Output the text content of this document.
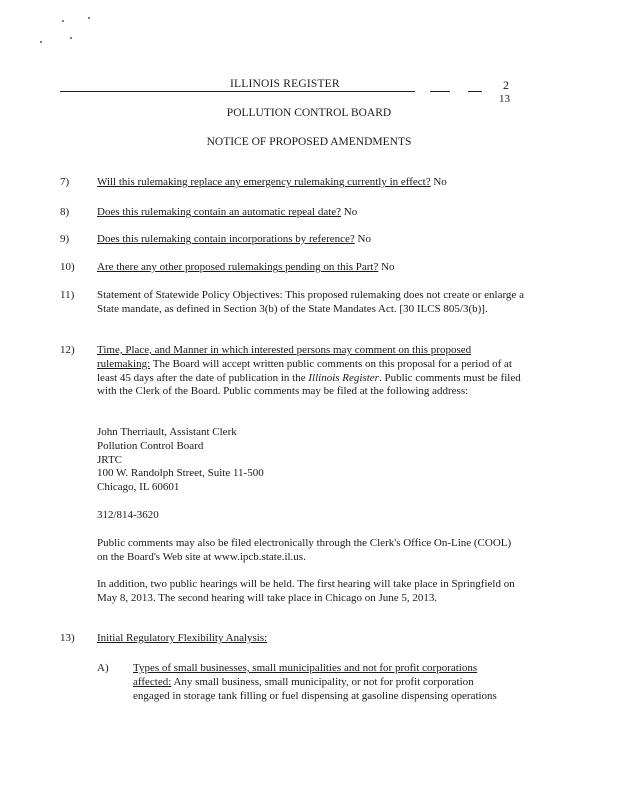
ILLINOIS REGISTER	2
13
POLLUTION CONTROL BOARD
NOTICE OF PROPOSED AMENDMENTS
7)	Will this rulemaking replace any emergency rulemaking currently in effect? No
8)	Does this rulemaking contain an automatic repeal date? No
9)	Does this rulemaking contain incorporations by reference? No
10) Are there any other proposed rulemakings pending on this Part? No
11) Statement of Statewide Policy Objectives: This proposed rulemaking does not create or enlarge a State mandate, as defined in Section 3(b) of the State Mandates Act. [30 ILCS 805/3(b)].
12) Time, Place, and Manner in which interested persons may comment on this proposed rulemaking: The Board will accept written public comments on this proposal for a period of at least 45 days after the date of publication in the Illinois Register. Public comments must be filed with the Clerk of the Board. Public comments may be filed at the following address:
John Therriault, Assistant Clerk
Pollution Control Board
JRTC
100 W. Randolph Street, Suite 11-500
Chicago, IL 60601
312/814-3620
Public comments may also be filed electronically through the Clerk's Office On-Line (COOL) on the Board's Web site at www.ipcb.state.il.us.
In addition, two public hearings will be held. The first hearing will take place in Springfield on May 8, 2013. The second hearing will take place in Chicago on June 5, 2013.
13) Initial Regulatory Flexibility Analysis:
A) Types of small businesses, small municipalities and not for profit corporations affected: Any small business, small municipality, or not for profit corporation engaged in storage tank filling or fuel dispensing at gasoline dispensing operations
